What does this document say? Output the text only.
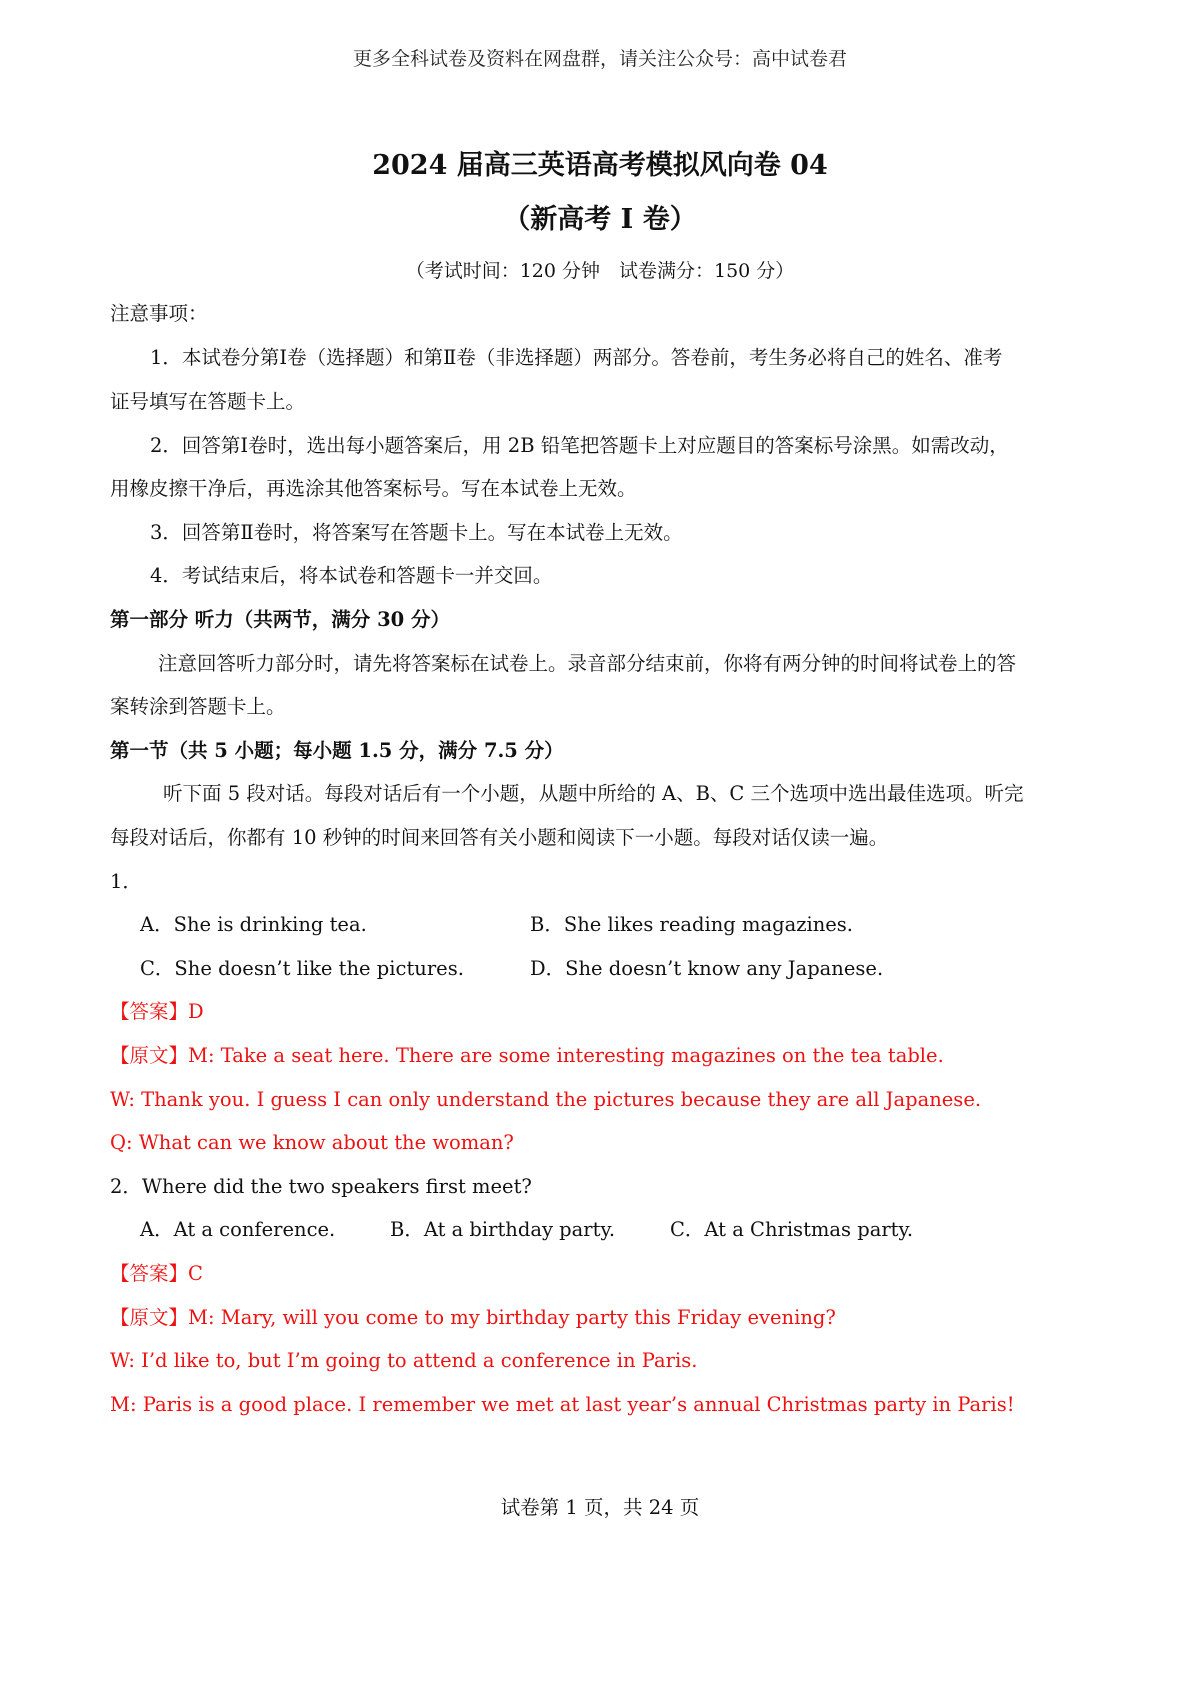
更多全科试卷及资料在网盘群，请关注公众号：高中试卷君
2024 届高三英语高考模拟风向卷 04
（新高考 I 卷）
（考试时间：120 分钟　试卷满分：150 分）
注意事项：
1．本试卷分第Ⅰ卷（选择题）和第Ⅱ卷（非选择题）两部分。答卷前，考生务必将自己的姓名、准考
证号填写在答题卡上。
2．回答第Ⅰ卷时，选出每小题答案后，用 2B 铅笔把答题卡上对应题目的答案标号涂黑。如需改动，
用橡皮擦干净后，再选涂其他答案标号。写在本试卷上无效。
3．回答第Ⅱ卷时，将答案写在答题卡上。写在本试卷上无效。
4．考试结束后，将本试卷和答题卡一并交回。
第一部分 听力（共两节，满分 30 分）
注意回答听力部分时，请先将答案标在试卷上。录音部分结束前，你将有两分钟的时间将试卷上的答
案转涂到答题卡上。
第一节（共 5 小题；每小题 1.5 分，满分 7.5 分）
听下面 5 段对话。每段对话后有一个小题，从题中所给的 A、B、C 三个选项中选出最佳选项。听完
每段对话后，你都有 10 秒钟的时间来回答有关小题和阅读下一小题。每段对话仅读一遍。
1．
A．She is drinking tea.	B．She likes reading magazines.
C．She doesn’t like the pictures.	D．She doesn’t know any Japanese.
【答案】D
【原文】M: Take a seat here. There are some interesting magazines on the tea table.
W: Thank you. I guess I can only understand the pictures because they are all Japanese.
Q: What can we know about the woman?
2．Where did the two speakers first meet?
A．At a conference.	B．At a birthday party.	C．At a Christmas party.
【答案】C
【原文】M: Mary, will you come to my birthday party this Friday evening?
W: I’d like to, but I’m going to attend a conference in Paris.
M: Paris is a good place. I remember we met at last year’s annual Christmas party in Paris!
试卷第 1 页，共 24 页
